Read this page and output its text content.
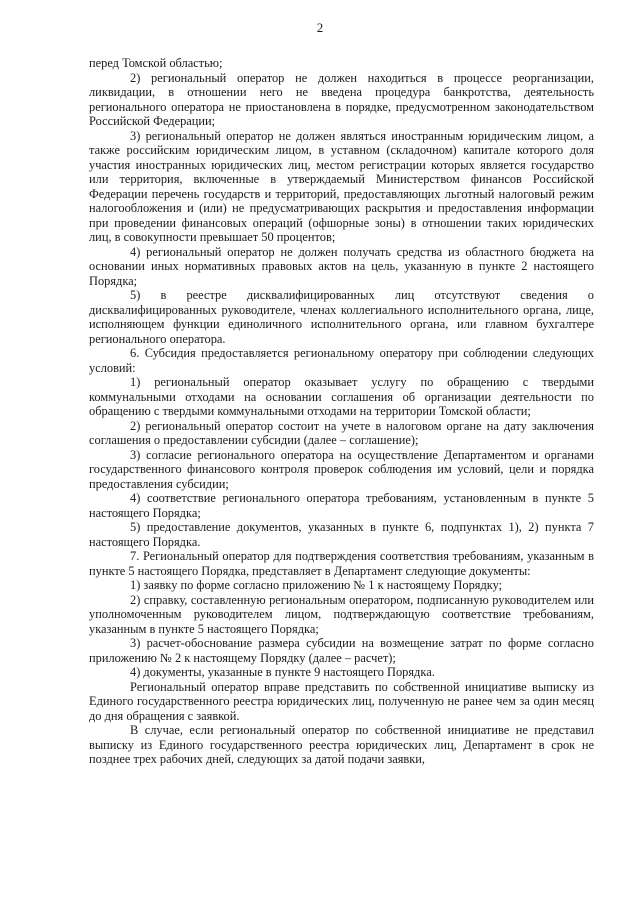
2

перед Томской областью;

2) региональный оператор не должен находиться в процессе реорганизации, ликвидации, в отношении него не введена процедура банкротства, деятельность регионального оператора не приостановлена в порядке, предусмотренном законодательством Российской Федерации;

3) региональный оператор не должен являться иностранным юридическим лицом, а также российским юридическим лицом, в уставном (складочном) капитале которого доля участия иностранных юридических лиц, местом регистрации которых является государство или территория, включенные в утверждаемый Министерством финансов Российской Федерации перечень государств и территорий, предоставляющих льготный налоговый режим налогообложения и (или) не предусматривающих раскрытия и предоставления информации при проведении финансовых операций (офшорные зоны) в отношении таких юридических лиц, в совокупности превышает 50 процентов;

4) региональный оператор не должен получать средства из областного бюджета на основании иных нормативных правовых актов на цель, указанную в пункте 2 настоящего Порядка;

5) в реестре дисквалифицированных лиц отсутствуют сведения о дисквалифицированных руководителе, членах коллегиального исполнительного органа, лице, исполняющем функции единоличного исполнительного органа, или главном бухгалтере регионального оператора.

6. Субсидия предоставляется региональному оператору при соблюдении следующих условий:

1) региональный оператор оказывает услугу по обращению с твердыми коммунальными отходами на основании соглашения об организации деятельности по обращению с твердыми коммунальными отходами на территории Томской области;

2) региональный оператор состоит на учете в налоговом органе на дату заключения соглашения о предоставлении субсидии (далее – соглашение);

3) согласие регионального оператора на осуществление Департаментом и органами государственного финансового контроля проверок соблюдения им условий, цели и порядка предоставления субсидии;

4) соответствие регионального оператора требованиям, установленным в пункте 5 настоящего Порядка;

5) предоставление документов, указанных в пункте 6, подпунктах 1), 2) пункта 7 настоящего Порядка.

7. Региональный оператор для подтверждения соответствия требованиям, указанным в пункте 5 настоящего Порядка, представляет в Департамент следующие документы:

1) заявку по форме согласно приложению № 1 к настоящему Порядку;

2) справку, составленную региональным оператором, подписанную руководителем или уполномоченным руководителем лицом, подтверждающую соответствие требованиям, указанным в пункте 5 настоящего Порядка;

3) расчет-обоснование размера субсидии на возмещение затрат по форме согласно приложению № 2 к настоящему Порядку (далее – расчет);

4) документы, указанные в пункте 9 настоящего Порядка.

Региональный оператор вправе представить по собственной инициативе выписку из Единого государственного реестра юридических лиц, полученную не ранее чем за один месяц до дня обращения с заявкой.

В случае, если региональный оператор по собственной инициативе не представил выписку из Единого государственного реестра юридических лиц, Департамент в срок не позднее трех рабочих дней, следующих за датой подачи заявки,
